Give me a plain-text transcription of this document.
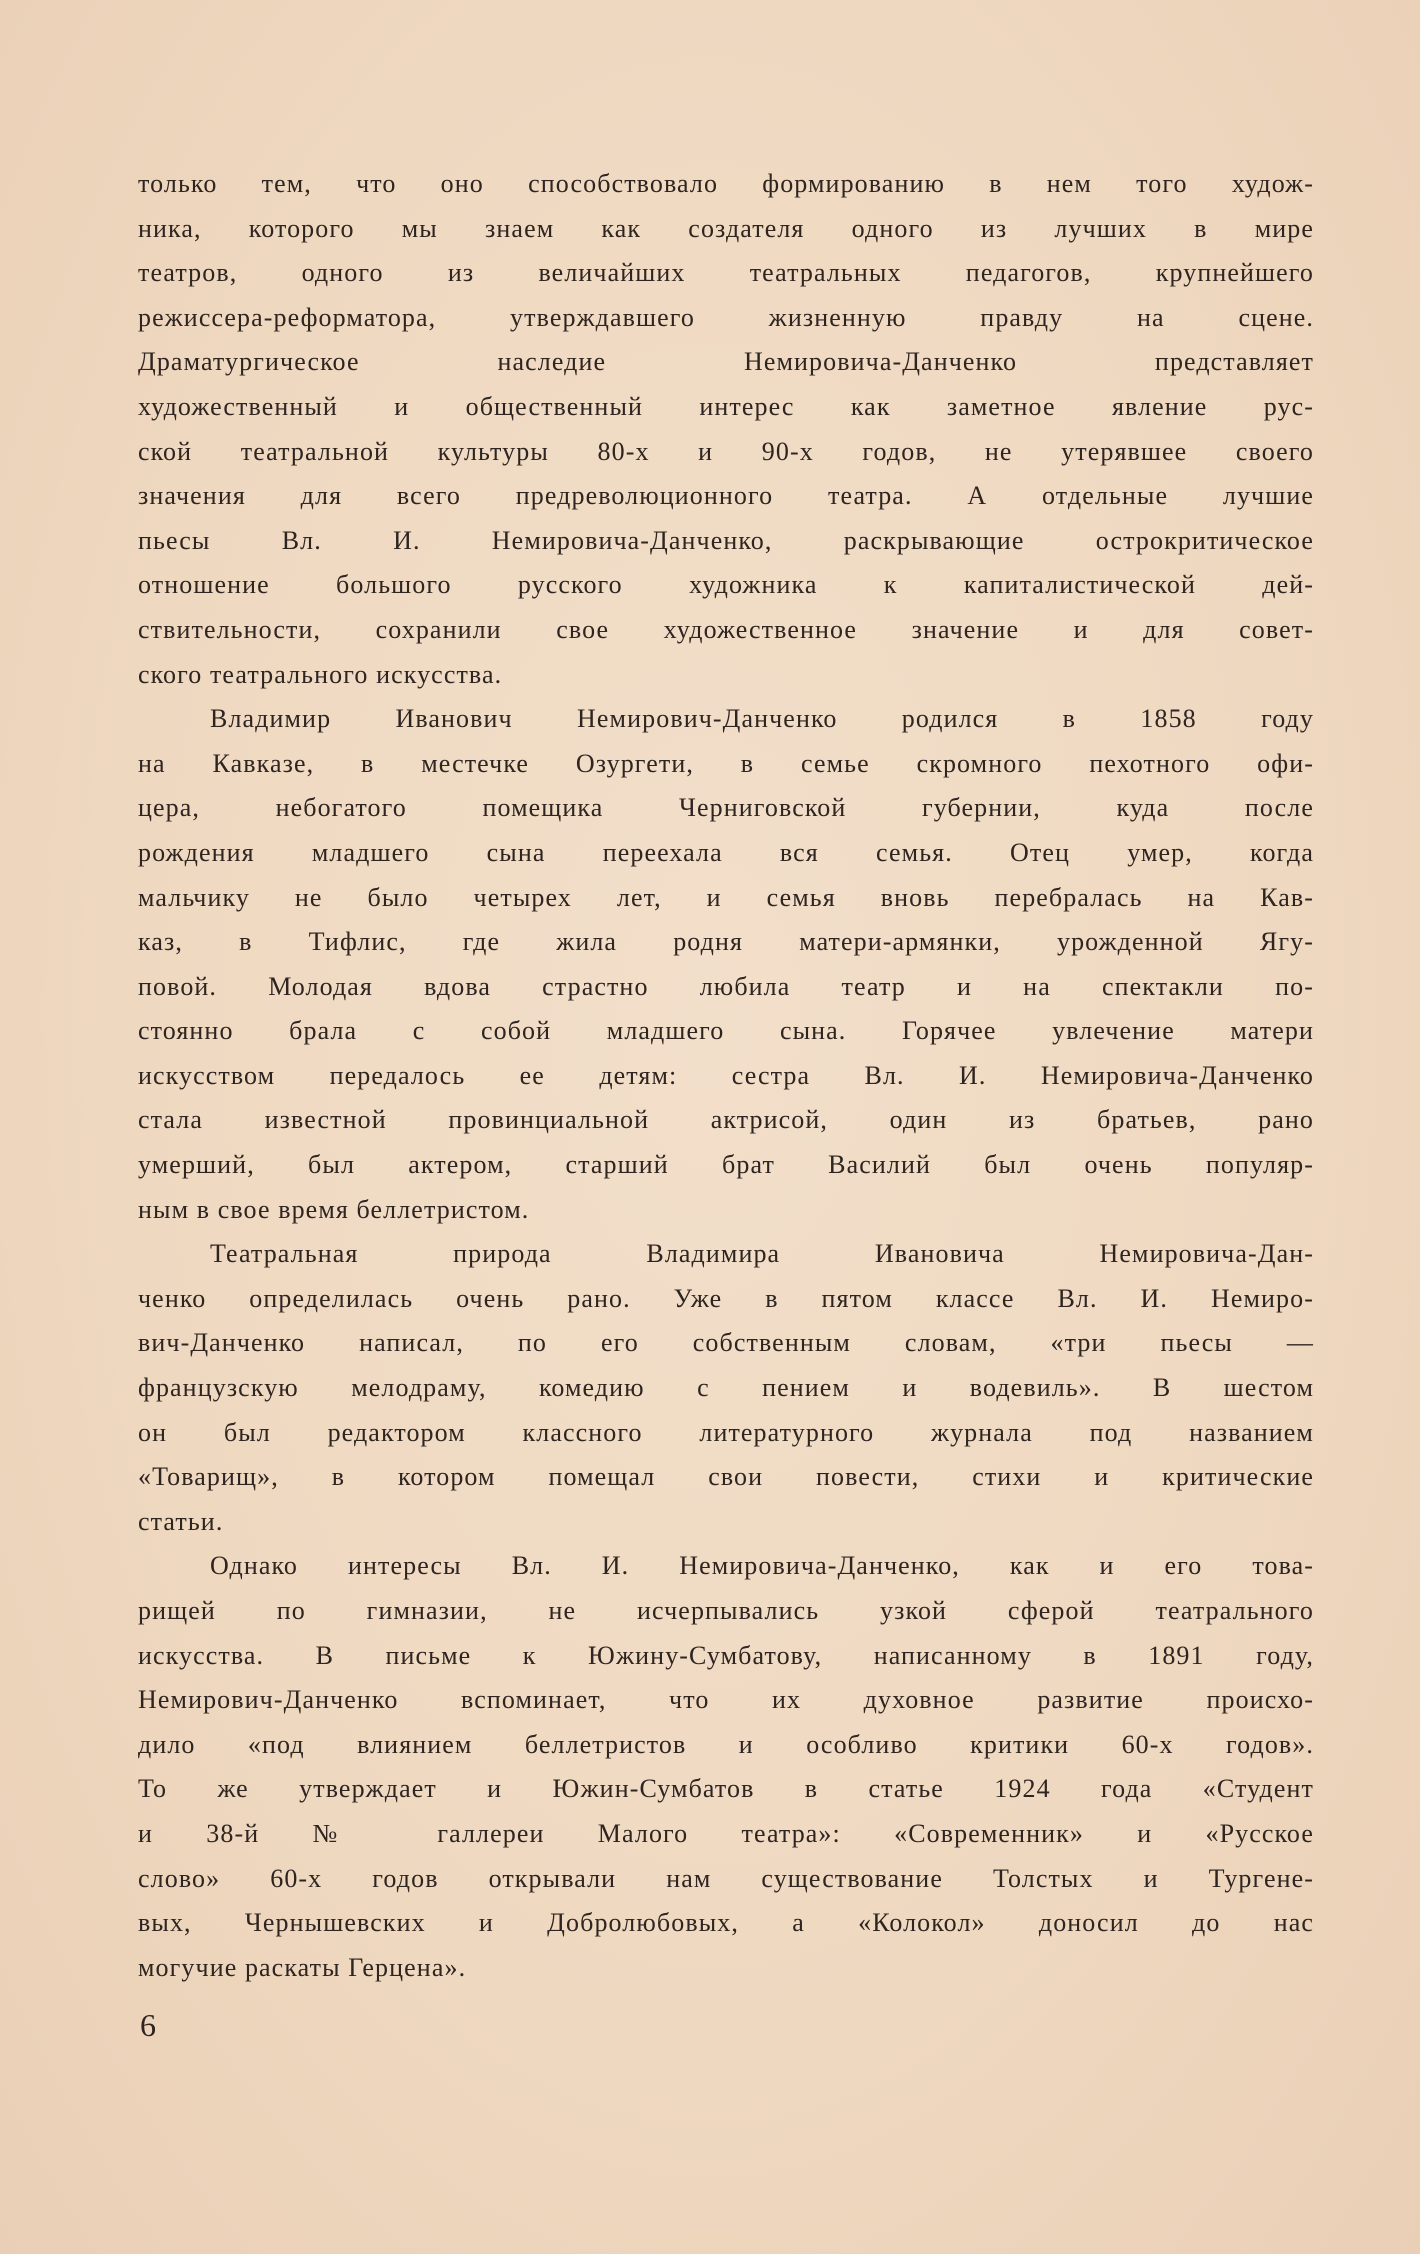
только тем, что оно способствовало формированию в нем того худож-
ника, которого мы знаем как создателя одного из лучших в мире
театров, одного из величайших театральных педагогов, крупнейшего
режиссера-реформатора, утверждавшего жизненную правду на сцене.
Драматургическое наследие Немировича-Данченко представляет
художественный и общественный интерес как заметное явление рус-
ской театральной культуры 80-х и 90-х годов, не утерявшее своего
значения для всего предреволюционного театра. А отдельные лучшие
пьесы Вл. И. Немировича-Данченко, раскрывающие острокритическое
отношение большого русского художника к капиталистической дей-
ствительности, сохранили свое художественное значение и для совет-
ского театрального искусства.
Владимир Иванович Немирович-Данченко родился в 1858 году
на Кавказе, в местечке Озургети, в семье скромного пехотного офи-
цера, небогатого помещика Черниговской губернии, куда после
рождения младшего сына переехала вся семья. Отец умер, когда
мальчику не было четырех лет, и семья вновь перебралась на Кав-
каз, в Тифлис, где жила родня матери-армянки, урожденной Ягу-
повой. Молодая вдова страстно любила театр и на спектакли по-
стоянно брала с собой младшего сына. Горячее увлечение матери
искусством передалось ее детям: сестра Вл. И. Немировича-Данченко
стала известной провинциальной актрисой, один из братьев, рано
умерший, был актером, старший брат Василий был очень популяр-
ным в свое время беллетристом.
Театральная природа Владимира Ивановича Немировича-Дан-
ченко определилась очень рано. Уже в пятом классе Вл. И. Немиро-
вич-Данченко написал, по его собственным словам, «три пьесы —
французскую мелодраму, комедию с пением и водевиль». В шестом
он был редактором классного литературного журнала под названием
«Товарищ», в котором помещал свои повести, стихи и критические
статьи.
Однако интересы Вл. И. Немировича-Данченко, как и его това-
рищей по гимназии, не исчерпывались узкой сферой театрального
искусства. В письме к Южину-Сумбатову, написанному в 1891 году,
Немирович-Данченко вспоминает, что их духовное развитие происхо-
дило «под влиянием беллетристов и особливо критики 60-х годов».
То же утверждает и Южин-Сумбатов в статье 1924 года «Студент
и 38-й № галлереи Малого театра»: «Современник» и «Русское
слово» 60-х годов открывали нам существование Толстых и Тургене-
вых, Чернышевских и Добролюбовых, а «Колокол» доносил до нас
могучие раскаты Герцена».
6
